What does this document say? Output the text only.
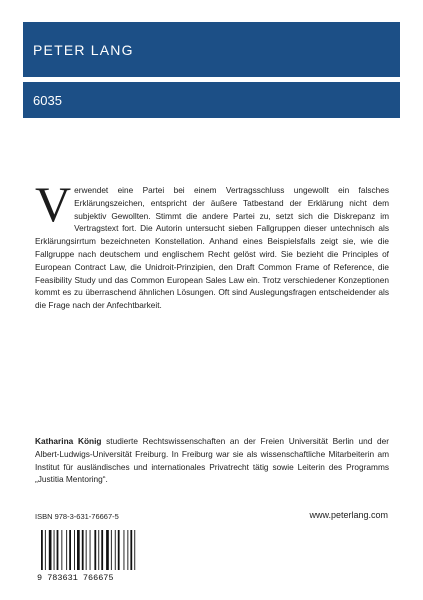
PETER LANG
6035
V erwendet eine Partei bei einem Vertragsschluss ungewollt ein falsches Erklärungszeichen, entspricht der äußere Tatbestand der Erklärung nicht dem subjektiv Gewollten. Stimmt die andere Partei zu, setzt sich die Diskrepanz im Vertragstext fort. Die Autorin untersucht sieben Fallgruppen dieser untechnisch als Erklärungsirrtum bezeichneten Konstellation. Anhand eines Beispielsfalls zeigt sie, wie die Fallgruppe nach deutschem und englischem Recht gelöst wird. Sie bezieht die Principles of European Contract Law, die Unidroit-Prinzipien, den Draft Common Frame of Reference, die Feasibility Study und das Common European Sales Law ein. Trotz verschiedener Konzeptionen kommt es zu überraschend ähnlichen Lösungen. Oft sind Auslegungsfragen entscheidender als die Frage nach der Anfechtbarkeit.
Katharina König studierte Rechtswissenschaften an der Freien Universität Berlin und der Albert-Ludwigs-Universität Freiburg. In Freiburg war sie als wissenschaftliche Mitarbeiterin am Institut für ausländisches und internationales Privatrecht tätig sowie Leiterin des Programms „Justitia Mentoring“.
ISBN 978-3-631-76667-5	www.peterlang.com
9 783631 766675
